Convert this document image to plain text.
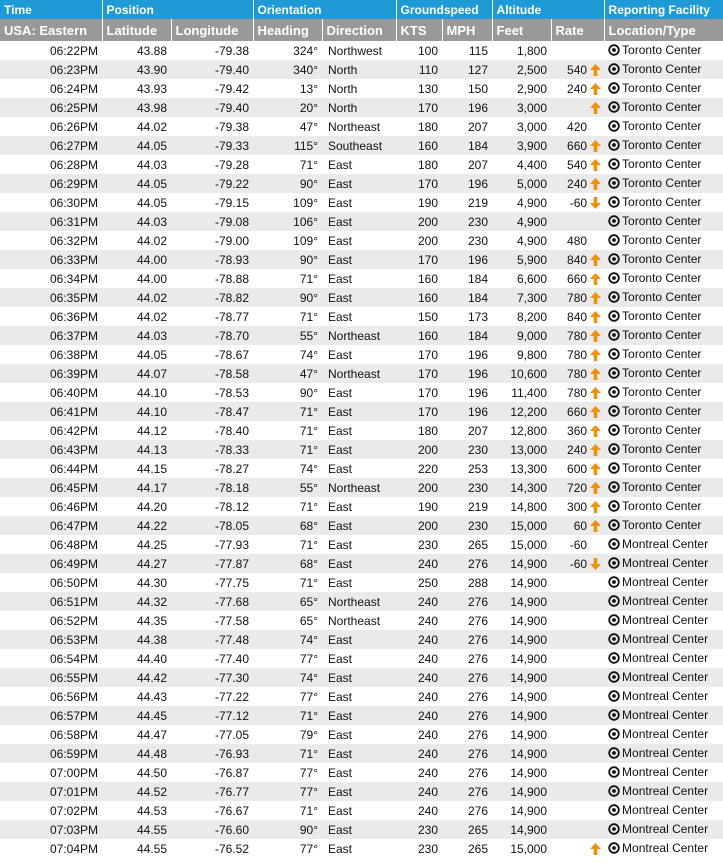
Time	Position		Orientation		Groundspeed		Altitude		Reporting Facility
USA: Eastern	Latitude	Longitude	Heading	Direction	KTS	MPH	Feet	Rate	Location/Type
06:22PM	43.88	-79.38	324°	Northwest	100	115	1,800		Toronto Center
06:23PM	43.90	-79.40	340°	North	110	127	2,500	540	Toronto Center
06:24PM	43.93	-79.42	13°	North	130	150	2,900	240	Toronto Center
06:25PM	43.98	-79.40	20°	North	170	196	3,000		Toronto Center
06:26PM	44.02	-79.38	47°	Northeast	180	207	3,000	420	Toronto Center
06:27PM	44.05	-79.33	115°	Southeast	160	184	3,900	660	Toronto Center
06:28PM	44.03	-79.28	71°	East	180	207	4,400	540	Toronto Center
06:29PM	44.05	-79.22	90°	East	170	196	5,000	240	Toronto Center
06:30PM	44.05	-79.15	109°	East	190	219	4,900	-60	Toronto Center
06:31PM	44.03	-79.08	106°	East	200	230	4,900		Toronto Center
06:32PM	44.02	-79.00	109°	East	200	230	4,900	480	Toronto Center
06:33PM	44.00	-78.93	90°	East	170	196	5,900	840	Toronto Center
06:34PM	44.00	-78.88	71°	East	160	184	6,600	660	Toronto Center
06:35PM	44.02	-78.82	90°	East	160	184	7,300	780	Toronto Center
06:36PM	44.02	-78.77	71°	East	150	173	8,200	840	Toronto Center
06:37PM	44.03	-78.70	55°	Northeast	160	184	9,000	780	Toronto Center
06:38PM	44.05	-78.67	74°	East	170	196	9,800	780	Toronto Center
06:39PM	44.07	-78.58	47°	Northeast	170	196	10,600	780	Toronto Center
06:40PM	44.10	-78.53	90°	East	170	196	11,400	780	Toronto Center
06:41PM	44.10	-78.47	71°	East	170	196	12,200	660	Toronto Center
06:42PM	44.12	-78.40	71°	East	180	207	12,800	360	Toronto Center
06:43PM	44.13	-78.33	71°	East	200	230	13,000	240	Toronto Center
06:44PM	44.15	-78.27	74°	East	220	253	13,300	600	Toronto Center
06:45PM	44.17	-78.18	55°	Northeast	200	230	14,300	720	Toronto Center
06:46PM	44.20	-78.12	71°	East	190	219	14,800	300	Toronto Center
06:47PM	44.22	-78.05	68°	East	200	230	15,000	60	Toronto Center
06:48PM	44.25	-77.93	71°	East	230	265	15,000	-60	Montreal Center
06:49PM	44.27	-77.87	68°	East	240	276	14,900	-60	Montreal Center
06:50PM	44.30	-77.75	71°	East	250	288	14,900		Montreal Center
06:51PM	44.32	-77.68	65°	Northeast	240	276	14,900		Montreal Center
06:52PM	44.35	-77.58	65°	Northeast	240	276	14,900		Montreal Center
06:53PM	44.38	-77.48	74°	East	240	276	14,900		Montreal Center
06:54PM	44.40	-77.40	77°	East	240	276	14,900		Montreal Center
06:55PM	44.42	-77.30	74°	East	240	276	14,900		Montreal Center
06:56PM	44.43	-77.22	77°	East	240	276	14,900		Montreal Center
06:57PM	44.45	-77.12	71°	East	240	276	14,900		Montreal Center
06:58PM	44.47	-77.05	79°	East	240	276	14,900		Montreal Center
06:59PM	44.48	-76.93	71°	East	240	276	14,900		Montreal Center
07:00PM	44.50	-76.87	77°	East	240	276	14,900		Montreal Center
07:01PM	44.52	-76.77	77°	East	240	276	14,900		Montreal Center
07:02PM	44.53	-76.67	71°	East	240	276	14,900		Montreal Center
07:03PM	44.55	-76.60	90°	East	230	265	14,900		Montreal Center
07:04PM	44.55	-76.52	77°	East	230	265	15,000		Montreal Center
